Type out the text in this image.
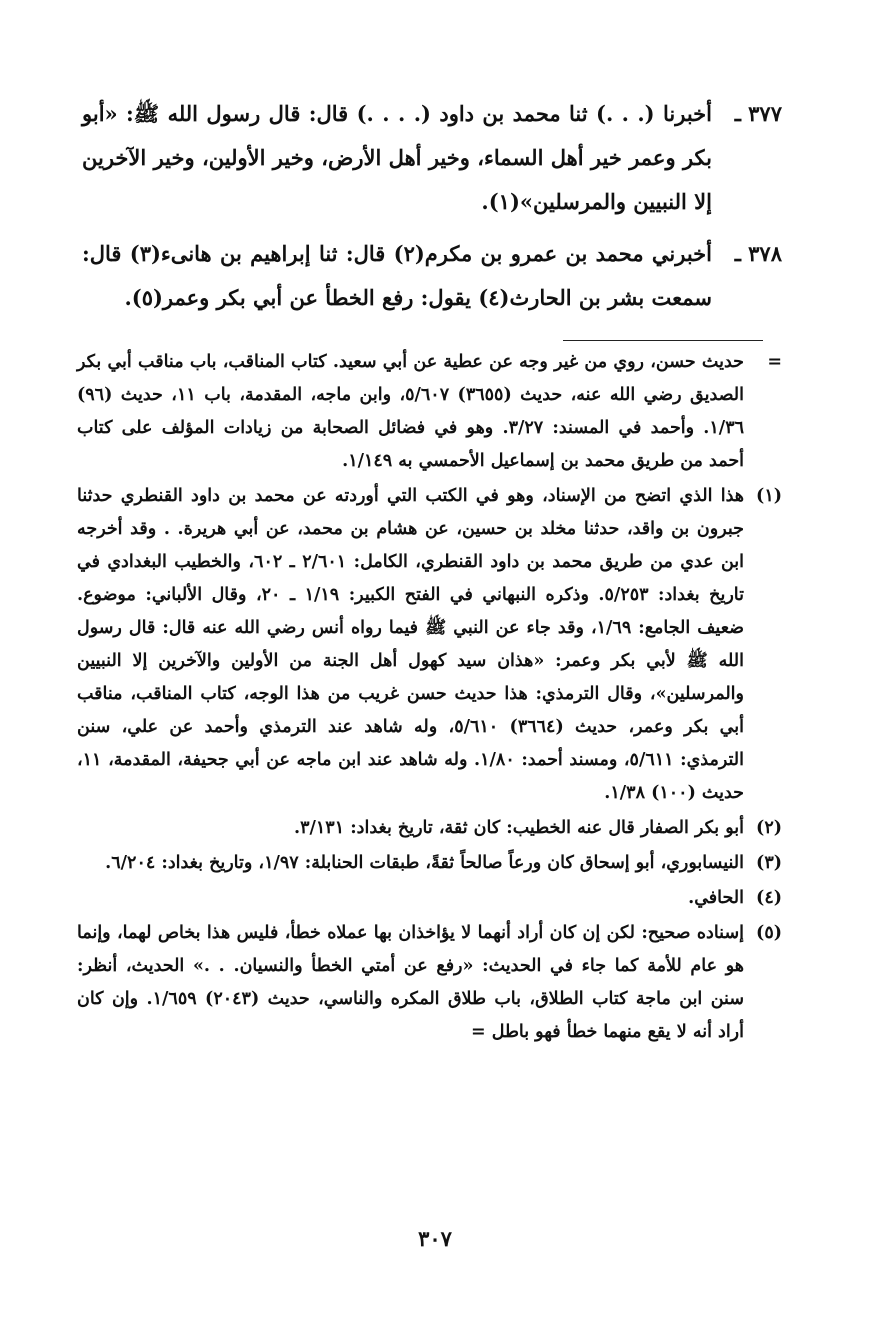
٣٧٧ ـ
أخبرنا (. . .) ثنا محمد بن داود (. . . .) قال: قال رسول الله ﷺ: «أبو بكر وعمر خير أهل السماء، وخير أهل الأرض، وخير الأولين، وخير الآخرين إلا النبيين والمرسلين»(١).
٣٧٨ ـ
أخبرني محمد بن عمرو بن مكرم(٢) قال: ثنا إبراهيم بن هانىء(٣) قال: سمعت بشر بن الحارث(٤) يقول: رفع الخطأ عن أبي بكر وعمر(٥).
=
حديث حسن، روي من غير وجه عن عطية عن أبي سعيد. كتاب المناقب، باب مناقب أبي بكر الصديق رضي الله عنه، حديث (٣٦٥٥) ٥/٦٠٧، وابن ماجه، المقدمة، باب ١١، حديث (٩٦) ١/٣٦. وأحمد في المسند: ٣/٢٧. وهو في فضائل الصحابة من زيادات المؤلف على كتاب أحمد من طريق محمد بن إسماعيل الأحمسي به ١/١٤٩.
(١)
هذا الذي اتضح من الإسناد، وهو في الكتب التي أوردته عن محمد بن داود القنطري حدثنا جبرون بن واقد، حدثنا مخلد بن حسين، عن هشام بن محمد، عن أبي هريرة. . وقد أخرجه ابن عدي من طريق محمد بن داود القنطري، الكامل: ٢/٦٠١ ـ ٦٠٢، والخطيب البغدادي في تاريخ بغداد: ٥/٢٥٣. وذكره النبهاني في الفتح الكبير: ١/١٩ ـ ٢٠، وقال الألباني: موضوع. ضعيف الجامع: ١/٦٩، وقد جاء عن النبي ﷺ فيما رواه أنس رضي الله عنه قال: قال رسول الله ﷺ لأبي بكر وعمر: «هذان سيد كهول أهل الجنة من الأولين والآخرين إلا النبيين والمرسلين»، وقال الترمذي: هذا حديث حسن غريب من هذا الوجه، كتاب المناقب، مناقب أبي بكر وعمر، حديث (٣٦٦٤) ٥/٦١٠، وله شاهد عند الترمذي وأحمد عن علي، سنن الترمذي: ٥/٦١١، ومسند أحمد: ١/٨٠. وله شاهد عند ابن ماجه عن أبي جحيفة، المقدمة، ١١، حديث (١٠٠) ١/٣٨.
(٢)
أبو بكر الصفار قال عنه الخطيب: كان ثقة، تاريخ بغداد: ٣/١٣١.
(٣)
النيسابوري، أبو إسحاق كان ورعاً صالحاً ثقةً، طبقات الحنابلة: ١/٩٧، وتاريخ بغداد: ٦/٢٠٤.
(٤)
الحافي.
(٥)
إسناده صحيح: لكن إن كان أراد أنهما لا يؤاخذان بها عملاه خطأ، فليس هذا بخاص لهما، وإنما هو عام للأمة كما جاء في الحديث: «رفع عن أمتي الخطأ والنسيان. . .» الحديث، أنظر: سنن ابن ماجة كتاب الطلاق، باب طلاق المكره والناسي، حديث (٢٠٤٣) ١/٦٥٩. وإن كان أراد أنه لا يقع منهما خطأ فهو باطل =
٣٠٧
